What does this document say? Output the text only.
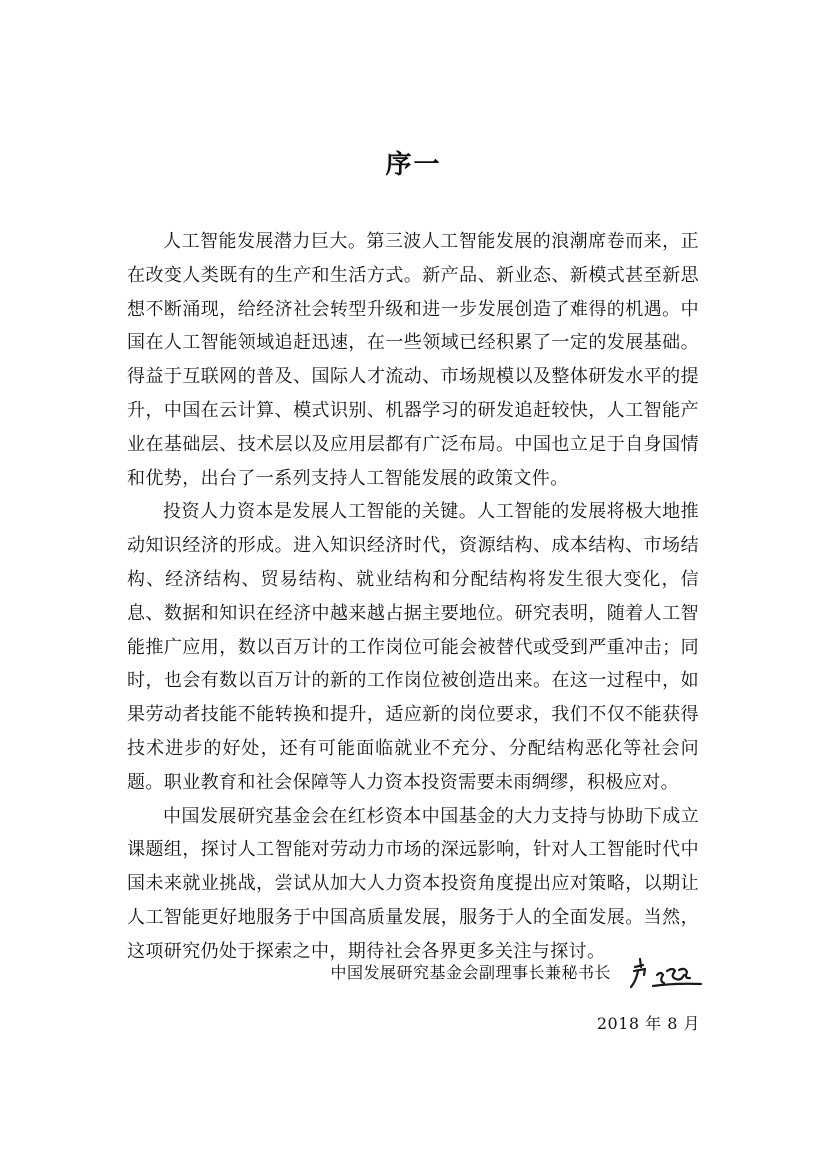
序一

人工智能发展潜力巨大。第三波人工智能发展的浪潮席卷而来，正在改变人类既有的生产和生活方式。新产品、新业态、新模式甚至新思想不断涌现，给经济社会转型升级和进一步发展创造了难得的机遇。中国在人工智能领域追赶迅速，在一些领域已经积累了一定的发展基础。得益于互联网的普及、国际人才流动、市场规模以及整体研发水平的提升，中国在云计算、模式识别、机器学习的研发追赶较快，人工智能产业在基础层、技术层以及应用层都有广泛布局。中国也立足于自身国情和优势，出台了一系列支持人工智能发展的政策文件。

投资人力资本是发展人工智能的关键。人工智能的发展将极大地推动知识经济的形成。进入知识经济时代，资源结构、成本结构、市场结构、经济结构、贸易结构、就业结构和分配结构将发生很大变化，信息、数据和知识在经济中越来越占据主要地位。研究表明，随着人工智能推广应用，数以百万计的工作岗位可能会被替代或受到严重冲击；同时，也会有数以百万计的新的工作岗位被创造出来。在这一过程中，如果劳动者技能不能转换和提升，适应新的岗位要求，我们不仅不能获得技术进步的好处，还有可能面临就业不充分、分配结构恶化等社会问题。职业教育和社会保障等人力资本投资需要未雨绸缪，积极应对。

中国发展研究基金会在红杉资本中国基金的大力支持与协助下成立课题组，探讨人工智能对劳动力市场的深远影响，针对人工智能时代中国未来就业挑战，尝试从加大人力资本投资角度提出应对策略，以期让人工智能更好地服务于中国高质量发展，服务于人的全面发展。当然，这项研究仍处于探索之中，期待社会各界更多关注与探讨。

中国发展研究基金会副理事长兼秘书长
2018 年 8 月
